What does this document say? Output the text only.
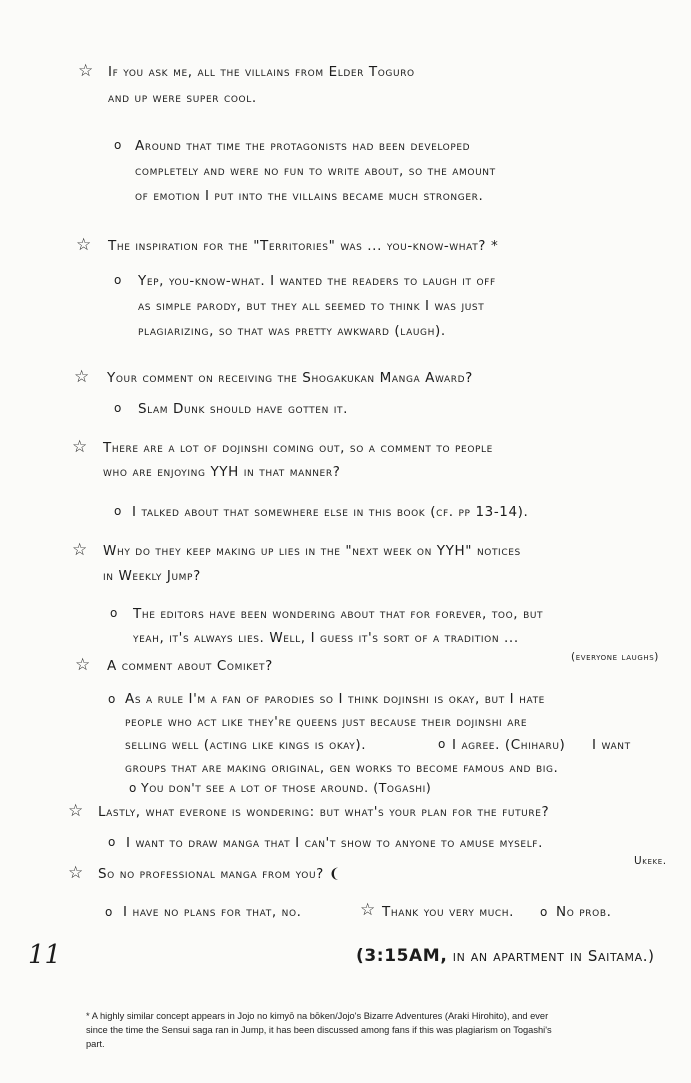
☆ If you ask me, all the villains from Elder Toguro
and up were super cool.
o Around that time the protagonists had been developed
completely and were no fun to write about, so the amount
of emotion I put into the villains became much stronger.
☆ The inspiration for the "Territories" was ... you-know-what? *
o Yep, you-know-what. I wanted the readers to laugh it off
as simple parody, but they all seemed to think I was just
plagiarizing, so that was pretty awkward (laugh).
☆ Your comment on receiving the Shogakukan Manga Award?
o Slam Dunk should have gotten it.
☆ There are a lot of dojinshi coming out, so a comment to people
who are enjoying YYH in that manner?
o I talked about that somewhere else in this book (cf. pp 13-14).
☆ Why do they keep making up lies in the "next week on YYH" notices
in Weekly Jump?
o The editors have been wondering about that for forever, too, but
yeah, it's always lies. Well, I guess it's sort of a tradition ...
(everyone laughs)
☆ A comment about Comiket?
o As a rule I'm a fan of parodies so I think dojinshi is okay, but I hate
people who act like they're queens just because their dojinshi are
selling well (acting like kings is okay).	o I agree. (Chiharu) I want
groups that are making original, gen works to become famous and big.
o You don't see a lot of those around. (Togashi)
☆ Lastly, what everone is wondering: but what's your plan for the future?
o I want to draw manga that I can't show to anyone to amuse myself.
Ukeke.
☆ So no professional manga from you? ❨
o I have no plans for that, no.	☆ Thank you very much. o No prob.
11	(3:15AM, in an apartment in Saitama.)
* A highly similar concept appears in Jojo no kimyō na bōken/Jojo's Bizarre Adventures (Araki Hirohito), and ever since the time the Sensui saga ran in Jump, it has been discussed among fans if this was plagiarism on Togashi's part.
